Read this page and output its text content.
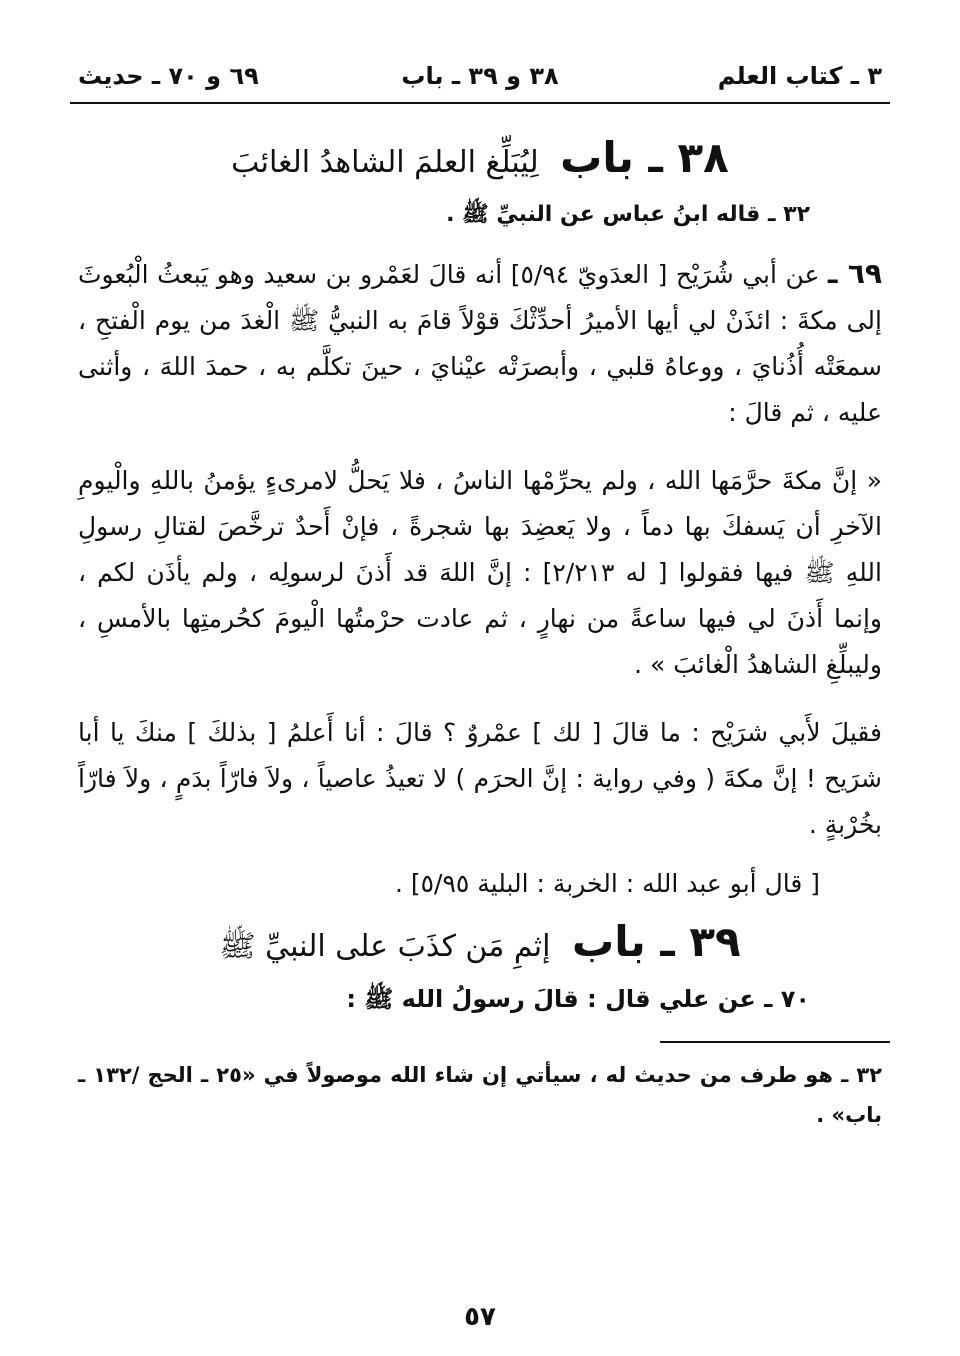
٣ ـ كتاب العلم
٣٨ و ٣٩ ـ باب
٦٩ و ٧٠ ـ حديث
٣٨ ـ باب لِيُبَلِّغ العلمَ الشاهدُ الغائبَ
٣٢ ـ قاله ابنُ عباس عن النبيِّ ﷺ .

٦٩ ـ عن أبي شُرَيْح [ العدَويّ ٥/٩٤] أنه قالَ لعَمْرو بن سعيد وهو يَبعثُ الْبُعوثَ إلى مكةَ : ائذَنْ لي أيها الأميرُ أحدِّثْكَ قوْلاً قامَ به النبيُّ ﷺ الْغدَ من يوم الْفتحِ ، سمعَتْه أُذُنايَ ، ووعاهُ قلبي ، وأبصرَتْه عيْنايَ ، حينَ تكلَّم به ، حمدَ اللهَ ، وأثنى عليه ، ثم قالَ :

« إنَّ مكةَ حرَّمَها الله ، ولم يحرِّمْها الناسُ ، فلا يَحلُّ لامرىءٍ يؤمنُ باللهِ والْيومِ الآخرِ أن يَسفكَ بها دماً ، ولا يَعضِدَ بها شجرةً ، فإنْ أَحدٌ ترخَّصَ لقتالِ رسولِ اللهِ ﷺ فيها فقولوا [ له ٢/٢١٣] : إنَّ اللهَ قد أَذنَ لرسولِه ، ولم يأذَن لكم ، وإنما أَذنَ لي فيها ساعةً من نهارٍ ، ثم عادت حرْمتُها الْيومَ كحُرمتِها بالأمسِ ، وليبلِّغِ الشاهدُ الْغائبَ » .

فقيلَ لأَبي شرَيْح : ما قالَ [ لك ] عمْروٌ ؟ قالَ : أنا أَعلمُ [ بذلكَ ] منكَ يا أبا شرَيح ! إنَّ مكةَ ( وفي رواية : إنَّ الحرَم ) لا تعيذُ عاصياً ، ولاَ فارّاً بدَمٍ ، ولاَ فارّاً بخُرْبةٍ .

[ قال أبو عبد الله : الخربة : البلية ٥/٩٥] .
٣٩ ـ باب إثمِ مَن كذَبَ على النبيِّ ﷺ
٧٠ ـ عن علي قال : قالَ رسولُ الله ﷺ :
٣٢ ـ هو طرف من حديث له ، سيأتي إن شاء الله موصولاً في «٢٥ ـ الحج /١٣٢ ـ باب» .
٥٧
